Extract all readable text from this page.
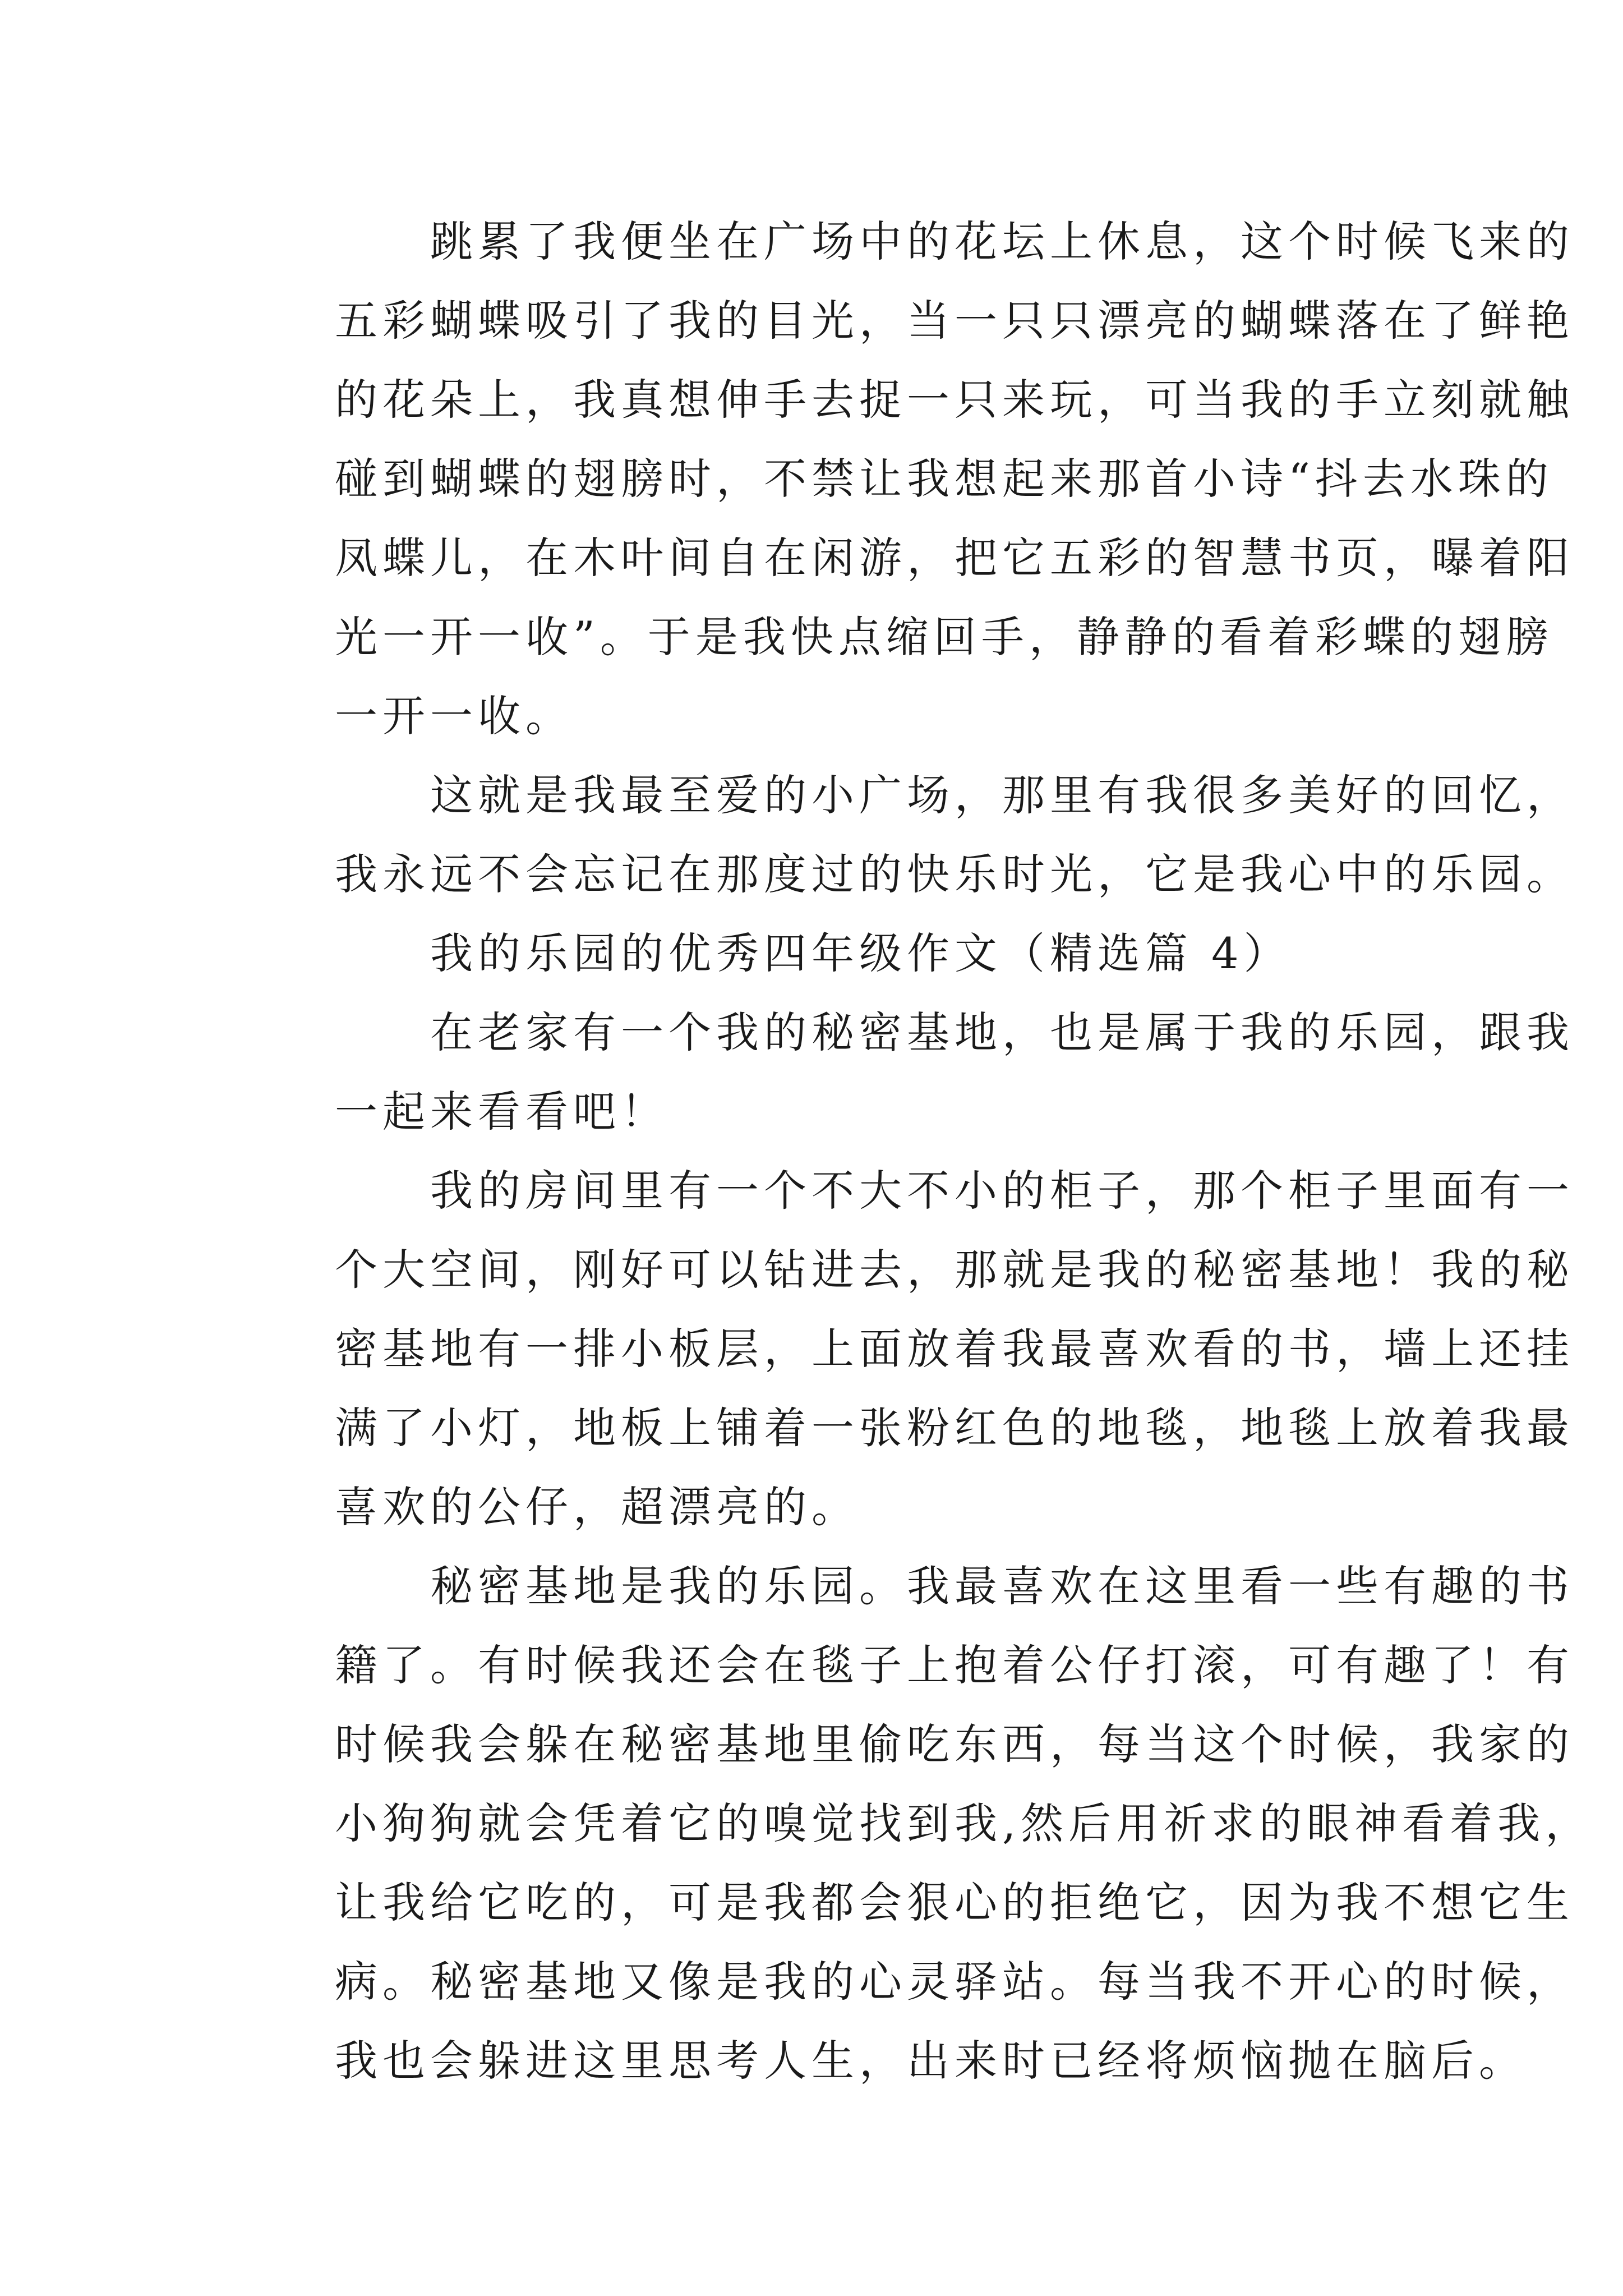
跳累了我便坐在广场中的花坛上休息，这个时候飞来的
五彩蝴蝶吸引了我的目光，当一只只漂亮的蝴蝶落在了鲜艳
的花朵上，我真想伸手去捉一只来玩，可当我的手立刻就触
碰到蝴蝶的翅膀时，不禁让我想起来那首小诗“抖去水珠的
凤蝶儿，在木叶间自在闲游，把它五彩的智慧书页，曝着阳
光一开一收”。于是我快点缩回手，静静的看着彩蝶的翅膀
一开一收。
这就是我最至爱的小广场，那里有我很多美好的回忆，
我永远不会忘记在那度过的快乐时光，它是我心中的乐园。
我的乐园的优秀四年级作文（精选篇 4）
在老家有一个我的秘密基地，也是属于我的乐园，跟我
一起来看看吧！
我的房间里有一个不大不小的柜子，那个柜子里面有一
个大空间，刚好可以钻进去，那就是我的秘密基地！我的秘
密基地有一排小板层，上面放着我最喜欢看的书，墙上还挂
满了小灯，地板上铺着一张粉红色的地毯，地毯上放着我最
喜欢的公仔，超漂亮的。
秘密基地是我的乐园。我最喜欢在这里看一些有趣的书
籍了。有时候我还会在毯子上抱着公仔打滚，可有趣了！有
时候我会躲在秘密基地里偷吃东西，每当这个时候，我家的
小狗狗就会凭着它的嗅觉找到我,然后用祈求的眼神看着我，
让我给它吃的，可是我都会狠心的拒绝它，因为我不想它生
病。秘密基地又像是我的心灵驿站。每当我不开心的时候，
我也会躲进这里思考人生，出来时已经将烦恼抛在脑后。
